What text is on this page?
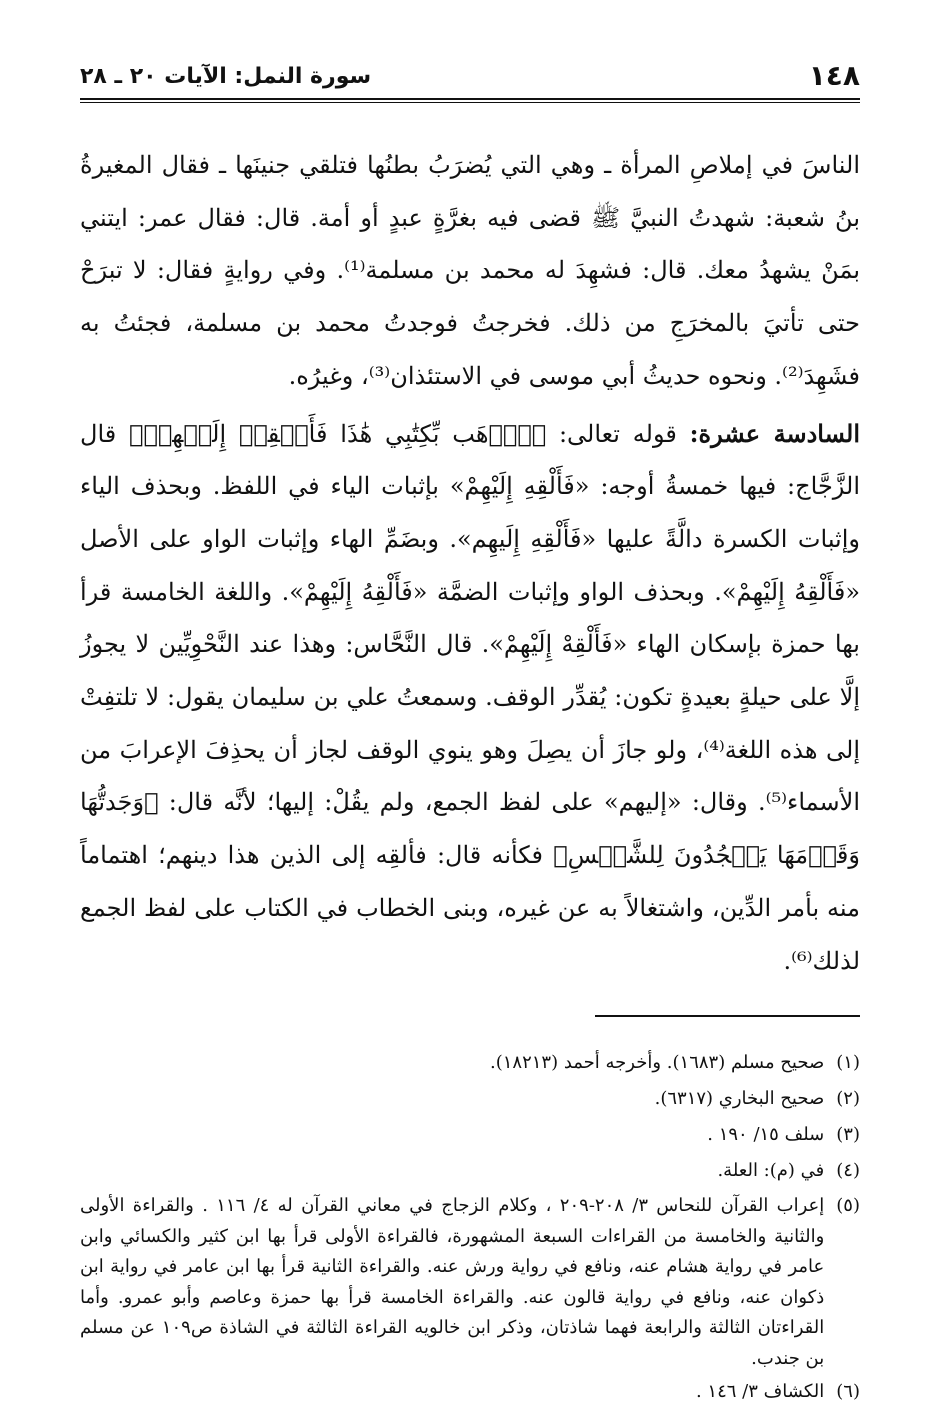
١٤٨
سورة النمل: الآيات ٢٠ ـ ٢٨

الناسَ في إملاصِ المرأة ـ وهي التي يُضرَبُ بطنُها فتلقي جنينَها ـ فقال المغيرةُ بنُ شعبة: شهدتُ النبيَّ ﷺ قضى فيه بغرَّةٍ عبدٍ أو أمة. قال: فقال عمر: ايتني بمَنْ يشهدُ معك. قال: فشهِدَ له محمد بن مسلمة⁽¹⁾. وفي روايةٍ فقال: لا تبرَحْ حتى تأتيَ بالمخرَجِ من ذلك. فخرجتُ فوجدتُ محمد بن مسلمة، فجئتُ به فشَهِدَ⁽²⁾. ونحوه حديثُ أبي موسى في الاستئذان⁽³⁾، وغيرُه.

السادسة عشرة: قوله تعالى: ﴿ٱذۡهَب بِّكِتَٰبِي هَٰذَا فَأَلۡقِهۡ إِلَيۡهِمۡ﴾ قال الزَّجَّاج: فيها خمسةُ أوجه: «فَأَلْقِهِ إِلَيْهِمْ» بإثبات الياء في اللفظ. وبحذف الياء وإثبات الكسرة دالَّةً عليها «فَأَلْقِهِ إِلَيهِم». وبضَمِّ الهاء وإثبات الواو على الأصل «فَأَلْقِهُ إِلَيْهِمْ». وبحذف الواو وإثبات الضمَّة «فَأَلْقِهُ إِلَيْهِمْ». واللغة الخامسة قرأ بها حمزة بإسكان الهاء «فَأَلْقِهْ إِلَيْهِمْ». قال النَّحَّاس: وهذا عند النَّحْوِيِّين لا يجوزُ إلَّا على حيلةٍ بعيدةٍ تكون: يُقدِّر الوقف. وسمعتُ علي بن سليمان يقول: لا تلتفِتْ إلى هذه اللغة⁽⁴⁾، ولو جازَ أن يصِلَ وهو ينوي الوقف لجاز أن يحذِفَ الإعرابَ من الأسماء⁽⁵⁾. وقال: «إليهم» على لفظ الجمع، ولم يقُلْ: إليها؛ لأنَّه قال: ﴿وَجَدتُّهَا وَقَوۡمَهَا يَسۡجُدُونَ لِلشَّمۡسِ﴾ فكأنه قال: فألقِه إلى الذين هذا دينهم؛ اهتماماً منه بأمر الدِّين، واشتغالاً به عن غيره، وبنى الخطاب في الكتاب على لفظ الجمع لذلك⁽⁶⁾.

(١)
صحيح مسلم (١٦٨٣). وأخرجه أحمد (١٨٢١٣).
(٢)
صحيح البخاري (٦٣١٧).
(٣)
سلف ١٥/ ١٩٠ .
(٤)
في (م): العلة.
(٥)
إعراب القرآن للنحاس ٣/ ٢٠٨-٢٠٩ ، وكلام الزجاج في معاني القرآن له ٤/ ١١٦ . والقراءة الأولى والثانية والخامسة من القراءات السبعة المشهورة، فالقراءة الأولى قرأ بها ابن كثير والكسائي وابن عامر في رواية هشام عنه، ونافع في رواية ورش عنه. والقراءة الثانية قرأ بها ابن عامر في رواية ابن ذكوان عنه، ونافع في رواية قالون عنه. والقراءة الخامسة قرأ بها حمزة وعاصم وأبو عمرو. وأما القراءتان الثالثة والرابعة فهما شاذتان، وذكر ابن خالويه القراءة الثالثة في الشاذة ص١٠٩ عن مسلم بن جندب.
(٦)
الكشاف ٣/ ١٤٦ .
